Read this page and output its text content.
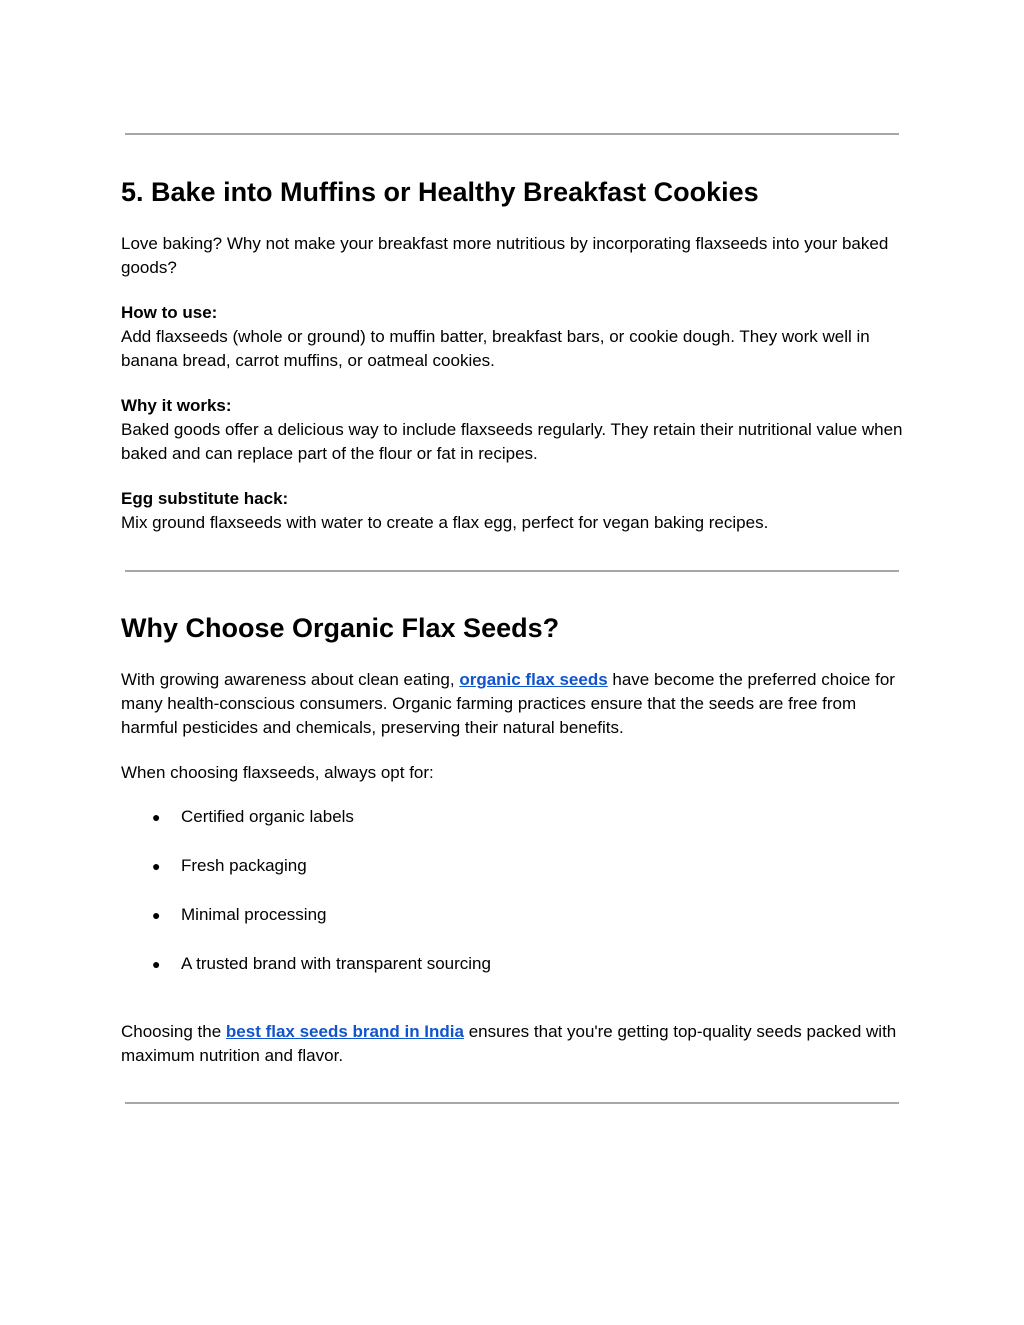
5. Bake into Muffins or Healthy Breakfast Cookies

Love baking? Why not make your breakfast more nutritious by incorporating flaxseeds into your baked goods?

How to use:
Add flaxseeds (whole or ground) to muffin batter, breakfast bars, or cookie dough. They work well in banana bread, carrot muffins, or oatmeal cookies.

Why it works:
Baked goods offer a delicious way to include flaxseeds regularly. They retain their nutritional value when baked and can replace part of the flour or fat in recipes.

Egg substitute hack:
Mix ground flaxseeds with water to create a flax egg, perfect for vegan baking recipes.

Why Choose Organic Flax Seeds?

With growing awareness about clean eating, organic flax seeds have become the preferred choice for many health-conscious consumers. Organic farming practices ensure that the seeds are free from harmful pesticides and chemicals, preserving their natural benefits.

When choosing flaxseeds, always opt for:

● Certified organic labels
● Fresh packaging
● Minimal processing
● A trusted brand with transparent sourcing

Choosing the best flax seeds brand in India ensures that you're getting top-quality seeds packed with maximum nutrition and flavor.
